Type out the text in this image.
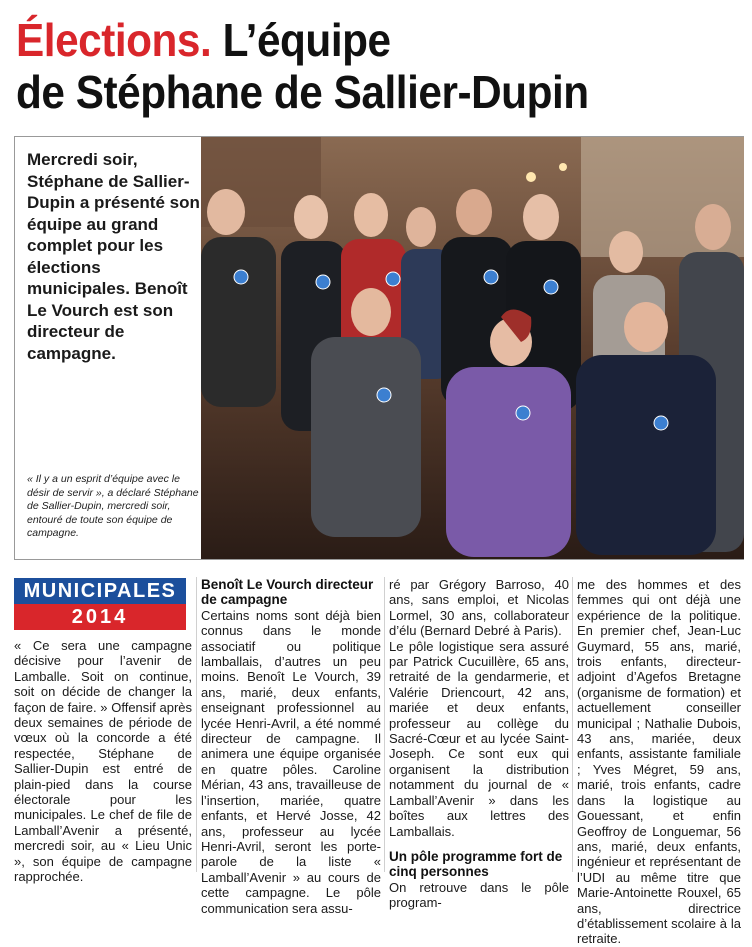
Élections. L’équipe
de Stéphane de Sallier-Dupin

Mercredi soir, Stéphane de Sallier-Dupin a présenté son équipe au grand complet pour les élections municipales. Benoît Le Vourch est son directeur de campagne.

« Il y a un esprit d’équipe avec le désir de servir », a déclaré Stéphane de Sallier-Dupin, mercredi soir, entouré de toute son équipe de campagne.

MUNICIPALES
2014

« Ce sera une campagne décisive pour l’avenir de Lamballe. Soit on continue, soit on décide de changer la façon de faire. » Offensif après deux semaines de période de vœux où la concorde a été respectée, Stéphane de Sallier-Dupin est entré de plain-pied dans la course électorale pour les municipales. Le chef de file de Lamball’Avenir a présenté, mercredi soir, au « Lieu Unic », son équipe de campagne rapprochée.

Benoît Le Vourch directeur de campagne

Certains noms sont déjà bien connus dans le monde associatif ou politique lamballais, d’autres un peu moins. Benoît Le Vourch, 39 ans, marié, deux enfants, enseignant professionnel au lycée Henri-Avril, a été nommé directeur de campagne. Il animera une équipe organisée en quatre pôles. Caroline Mérian, 43 ans, travailleuse de l’insertion, mariée, quatre enfants, et Hervé Josse, 42 ans, professeur au lycée Henri-Avril, seront les porte-parole de la liste « Lamball’Avenir » au cours de cette campagne. Le pôle communication sera assu-

ré par Grégory Barroso, 40 ans, sans emploi, et Nicolas Lormel, 30 ans, collaborateur d’élu (Bernard Debré à Paris).

Le pôle logistique sera assuré par Patrick Cucuillère, 65 ans, retraité de la gendarmerie, et Valérie Driencourt, 42 ans, mariée et deux enfants, professeur au collège du Sacré-Cœur et au lycée Saint-Joseph. Ce sont eux qui organisent la distribution notamment du journal de « Lamball’Avenir » dans les boîtes aux lettres des Lamballais.

Un pôle programme fort de cinq personnes

On retrouve dans le pôle program-

me des hommes et des femmes qui ont déjà une expérience de la politique. En premier chef, Jean-Luc Guymard, 55 ans, marié, trois enfants, directeur-adjoint d’Agefos Bretagne (organisme de formation) et actuellement conseiller municipal ; Nathalie Dubois, 43 ans, mariée, deux enfants, assistante familiale ; Yves Mégret, 59 ans, marié, trois enfants, cadre dans la logistique au Gouessant, et enfin Geoffroy de Longuemar, 56 ans, marié, deux enfants, ingénieur et représentant de l’UDI au même titre que Marie-Antoinette Rouxel, 65 ans, directrice d’établissement scolaire à la retraite.
